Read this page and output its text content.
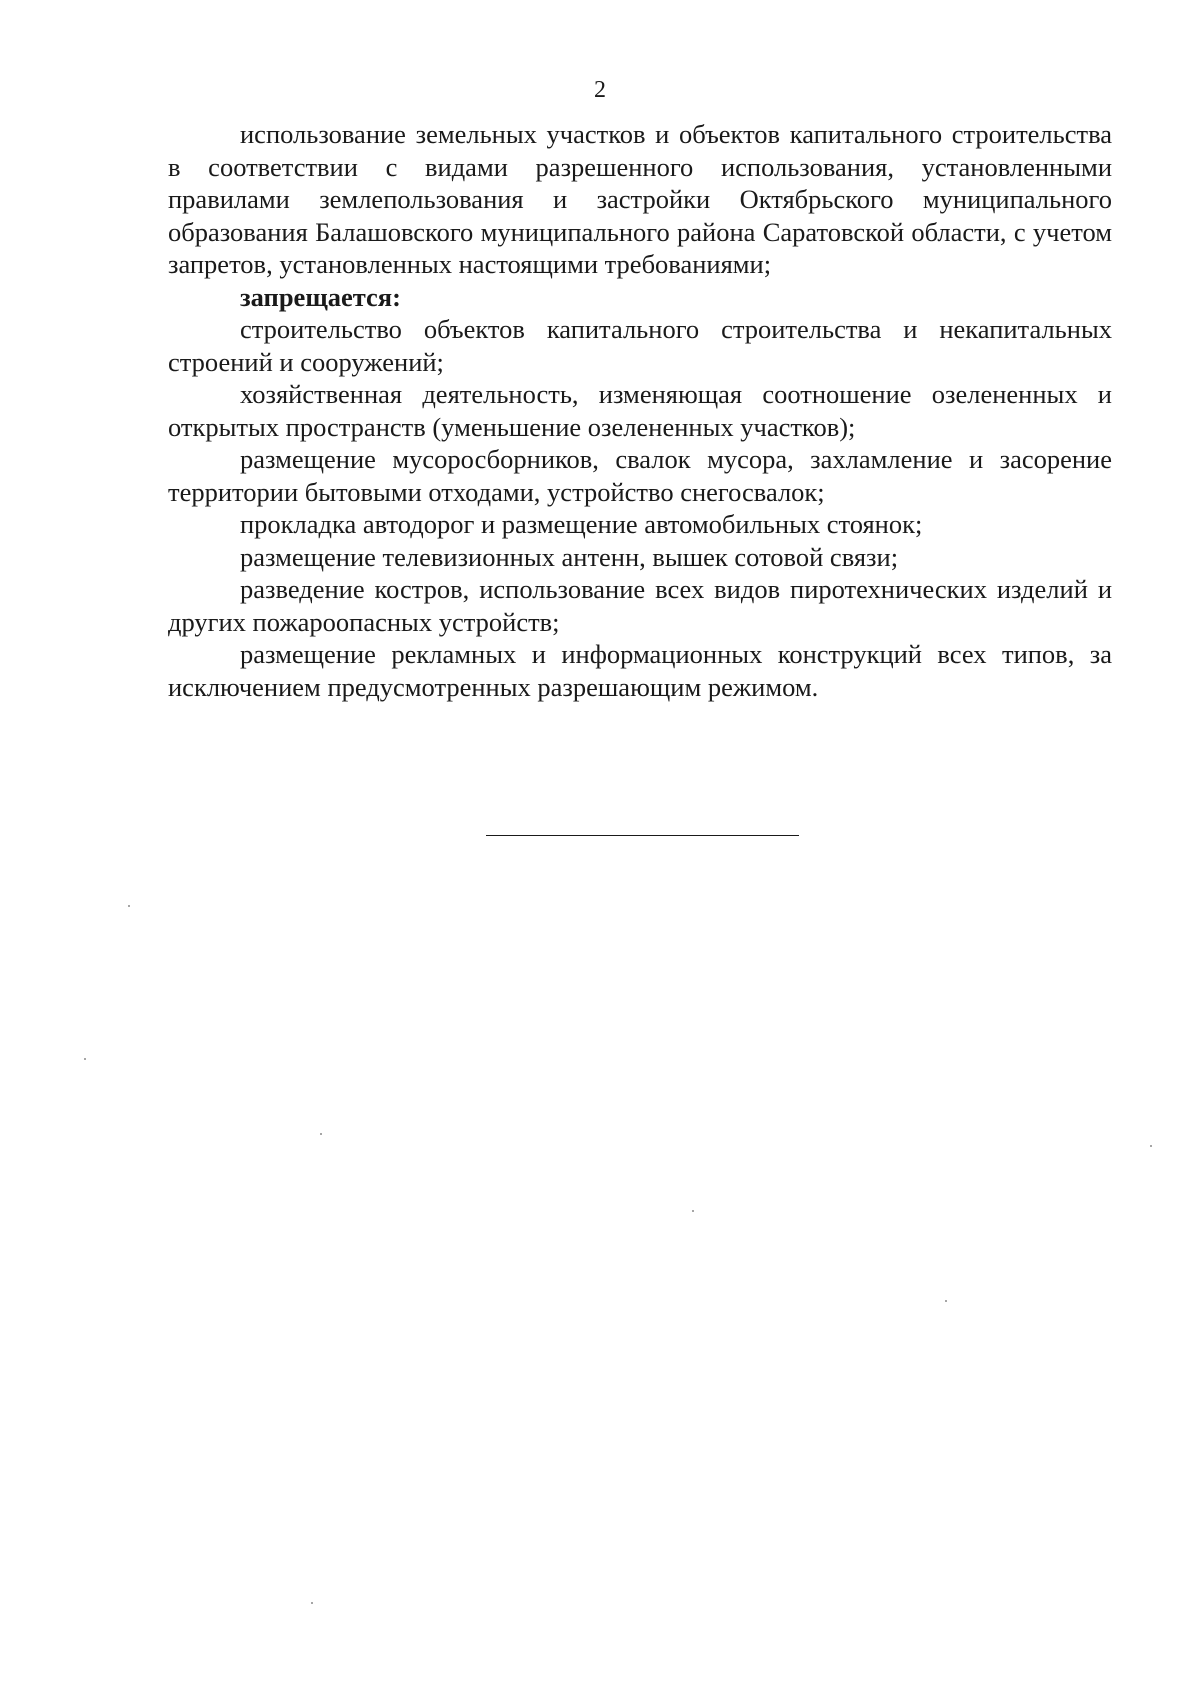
2

использование земельных участков и объектов капитального строительства в соответствии с видами разрешенного использования, установленными правилами землепользования и застройки Октябрьского муниципального образования Балашовского муниципального района Саратовской области, с учетом запретов, установленных настоящими требованиями;

запрещается:

строительство объектов капитального строительства и некапитальных строений и сооружений;

хозяйственная деятельность, изменяющая соотношение озелененных и открытых пространств (уменьшение озелененных участков);

размещение мусоросборников, свалок мусора, захламление и засорение территории бытовыми отходами, устройство снегосвалок;

прокладка автодорог и размещение автомобильных стоянок;

размещение телевизионных антенн, вышек сотовой связи;

разведение костров, использование всех видов пиротехнических изделий и других пожароопасных устройств;

размещение рекламных и информационных конструкций всех типов, за исключением предусмотренных разрешающим режимом.
